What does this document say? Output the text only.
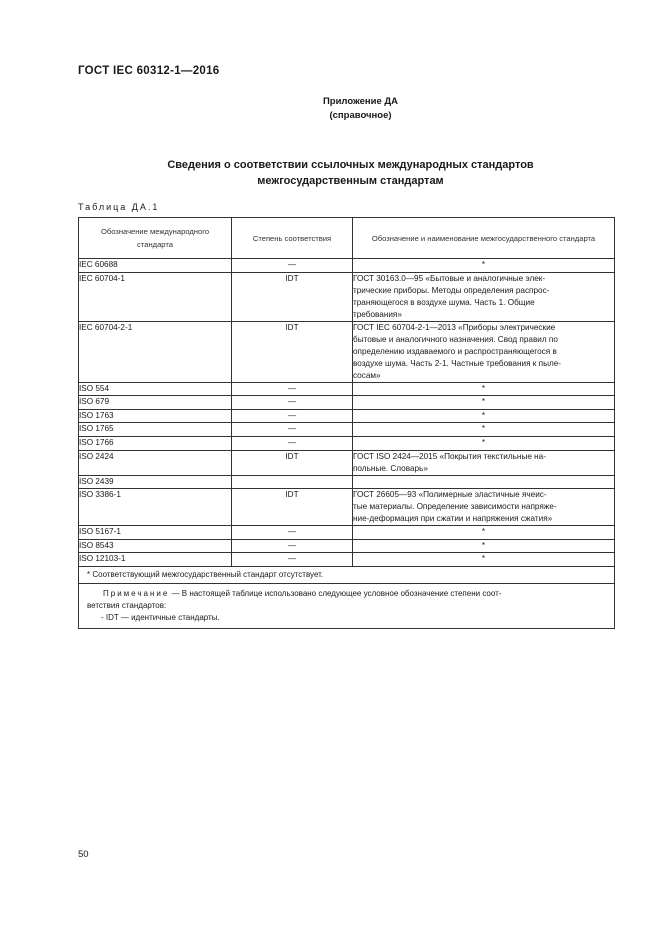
ГОСТ IEC 60312-1—2016
Приложение ДА
(справочное)
Сведения о соответствии ссылочных международных стандартов
межгосударственным стандартам
Таблица ДА.1
Обозначение международного стандарта	Степень соответствия	Обозначение и наименование межгосударственного стандарта
IEC 60688	—	*

IEC 60704-1	IDT	ГОСТ 30163.0—95 «Бытовые и аналогичные элек-
трические приборы. Методы определения распрос-
траняющегося в воздухе шума. Часть 1. Общие
требования»

IEC 60704-2-1	IDT	ГОСТ IEC 60704-2-1—2013 «Приборы электрические
бытовые и аналогичного назначения. Свод правил по
определению издаваемого и распространяющегося в
воздухе шума. Часть 2-1. Частные требования к пыле-
сосам»

ISO 554	—	*

ISO 679	—	*

ISO 1763	—	*

ISO 1765	—	*

ISO 1766	—	*

ISO 2424	IDT	ГОСТ ISO 2424—2015 «Покрытия текстильные на-
польные. Словарь»

ISO 2439		
ISO 3386-1	IDT	ГОСТ 26605—93 «Полимерные эластичные ячеис-
тые материалы. Определение зависимости напряже-
ние-деформация при сжатии и напряжения сжатия»

ISO 5167-1	—	*

ISO 8543	—	*

ISO 12103-1	—	*

* Соответствующий межгосударственный стандарт отсутствует.		

Примечание — В настоящей таблице использовано следующее условное обозначение степени соот-
ветствия стандартов:
- IDT — идентичные стандарты.		
50
